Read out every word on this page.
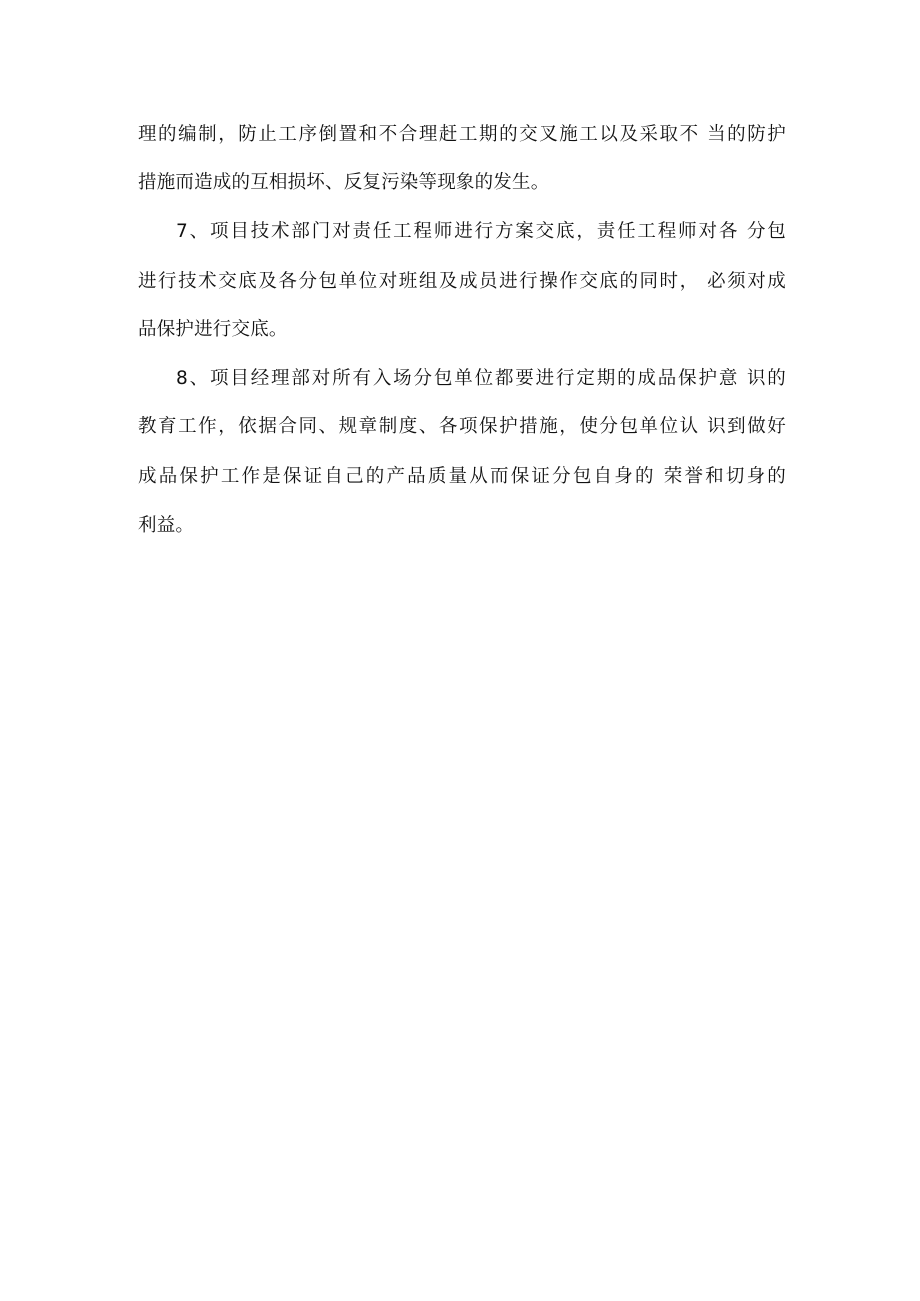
理的编制，防止工序倒置和不合理赶工期的交叉施工以及采取不 当的防护
措施而造成的互相损坏、反复污染等现象的发生。
7、项目技术部门对责任工程师进行方案交底，责任工程师对各 分包
进行技术交底及各分包单位对班组及成员进行操作交底的同时， 必须对成
品保护进行交底。
8、项目经理部对所有入场分包单位都要进行定期的成品保护意 识的
教育工作，依据合同、规章制度、各项保护措施，使分包单位认 识到做好
成品保护工作是保证自己的产品质量从而保证分包自身的 荣誉和切身的
利益。
